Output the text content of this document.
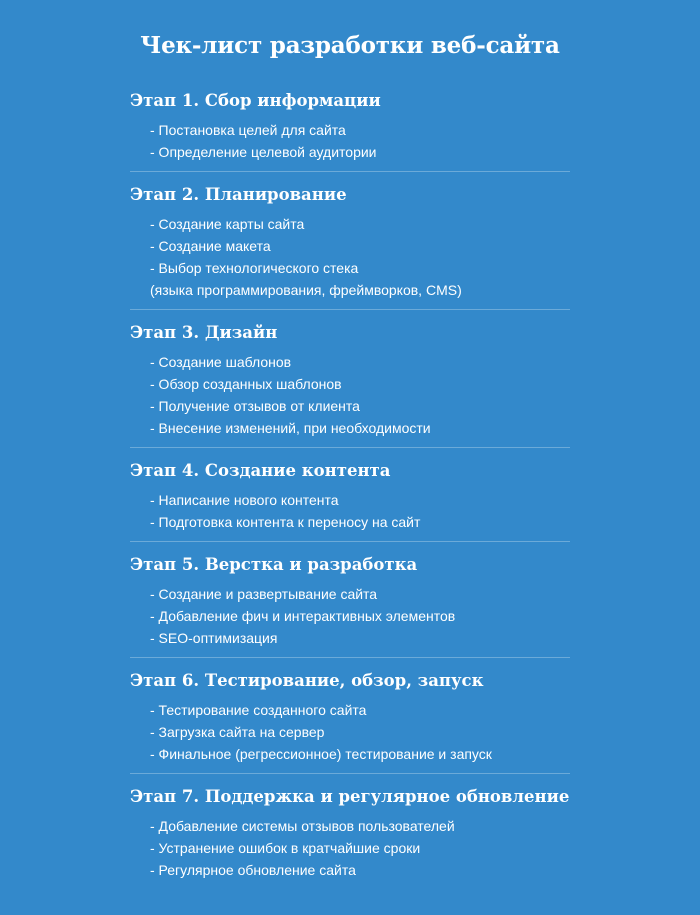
Чек-лист разработки веб-сайта
Этап 1. Сбор информации
- Постановка целей для сайта
- Определение целевой аудитории
Этап 2. Планирование
- Создание карты сайта
- Создание макета
- Выбор технологического стека
(языка программирования, фреймворков, CMS)
Этап 3. Дизайн
- Создание шаблонов
- Обзор созданных шаблонов
- Получение отзывов от клиента
- Внесение изменений, при необходимости
Этап 4. Создание контента
- Написание нового контента
- Подготовка контента к переносу на сайт
Этап 5. Верстка и разработка
- Создание и развертывание сайта
- Добавление фич и интерактивных элементов
- SEO-оптимизация
Этап 6. Тестирование, обзор, запуск
- Тестирование созданного сайта
- Загрузка сайта на сервер
- Финальное (регрессионное) тестирование и запуск
Этап 7. Поддержка и регулярное обновление
- Добавление системы отзывов пользователей
- Устранение ошибок в кратчайшие сроки
- Регулярное обновление сайта
